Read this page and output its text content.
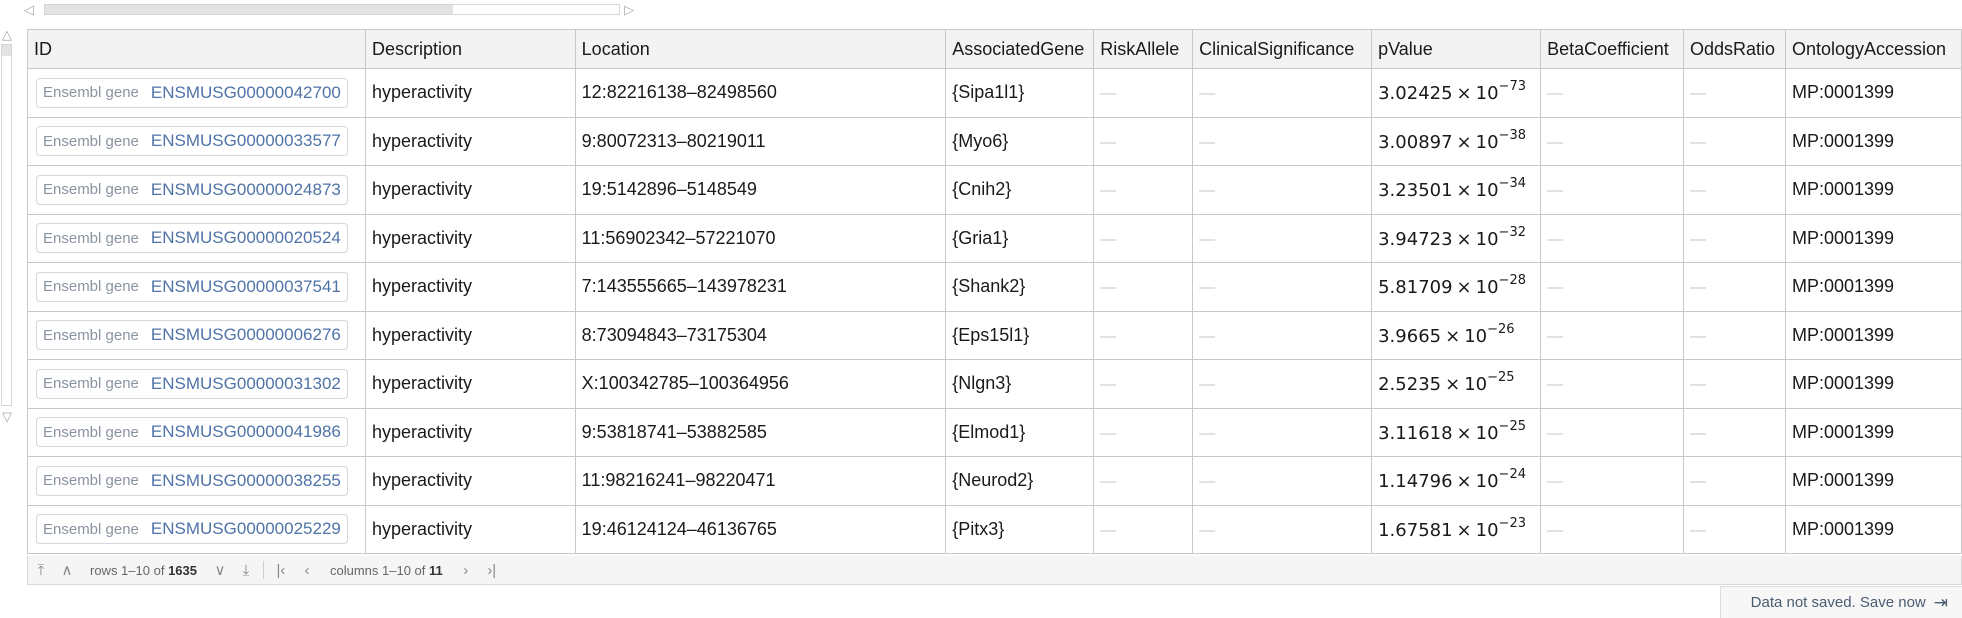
◁	▷
△
▽
ID	Description	Location	AssociatedGene	RiskAllele	ClinicalSignificance	pValue	BetaCoefficient	OddsRatio	OntologyAccession

Ensembl gene ENSMUSG00000042700	hyperactivity	12:82216138–82498560	{Sipa1l1}	—	—	$3.02425 \times 10^{-73}$	—	—	MP:0001399

Ensembl gene ENSMUSG00000033577	hyperactivity	9:80072313–80219011	{Myo6}	—	—	$3.00897 \times 10^{-38}$	—	—	MP:0001399

Ensembl gene ENSMUSG00000024873	hyperactivity	19:5142896–5148549	{Cnih2}	—	—	$3.23501 \times 10^{-34}$	—	—	MP:0001399

Ensembl gene ENSMUSG00000020524	hyperactivity	11:56902342–57221070	{Gria1}	—	—	$3.94723 \times 10^{-32}$	—	—	MP:0001399

Ensembl gene ENSMUSG00000037541	hyperactivity	7:143555665–143978231	{Shank2}	—	—	$5.81709 \times 10^{-28}$	—	—	MP:0001399

Ensembl gene ENSMUSG00000006276	hyperactivity	8:73094843–73175304	{Eps15l1}	—	—	$3.9665 \times 10^{-26}$	—	—	MP:0001399

Ensembl gene ENSMUSG00000031302	hyperactivity	X:100342785–100364956	{Nlgn3}	—	—	$2.5235 \times 10^{-25}$	—	—	MP:0001399

Ensembl gene ENSMUSG00000041986	hyperactivity	9:53818741–53882585	{Elmod1}	—	—	$3.11618 \times 10^{-25}$	—	—	MP:0001399

Ensembl gene ENSMUSG00000038255	hyperactivity	11:98216241–98220471	{Neurod2}	—	—	$1.14796 \times 10^{-24}$	—	—	MP:0001399

Ensembl gene ENSMUSG00000025229	hyperactivity	19:46124124–46136765	{Pitx3}	—	—	$1.67581 \times 10^{-23}$	—	—	MP:0001399
⤒	∧	rows 1–10 of 1635	∨	⤓	|‹	‹	columns 1–10 of 11	›	›|
Data not saved. Save now ⇥
